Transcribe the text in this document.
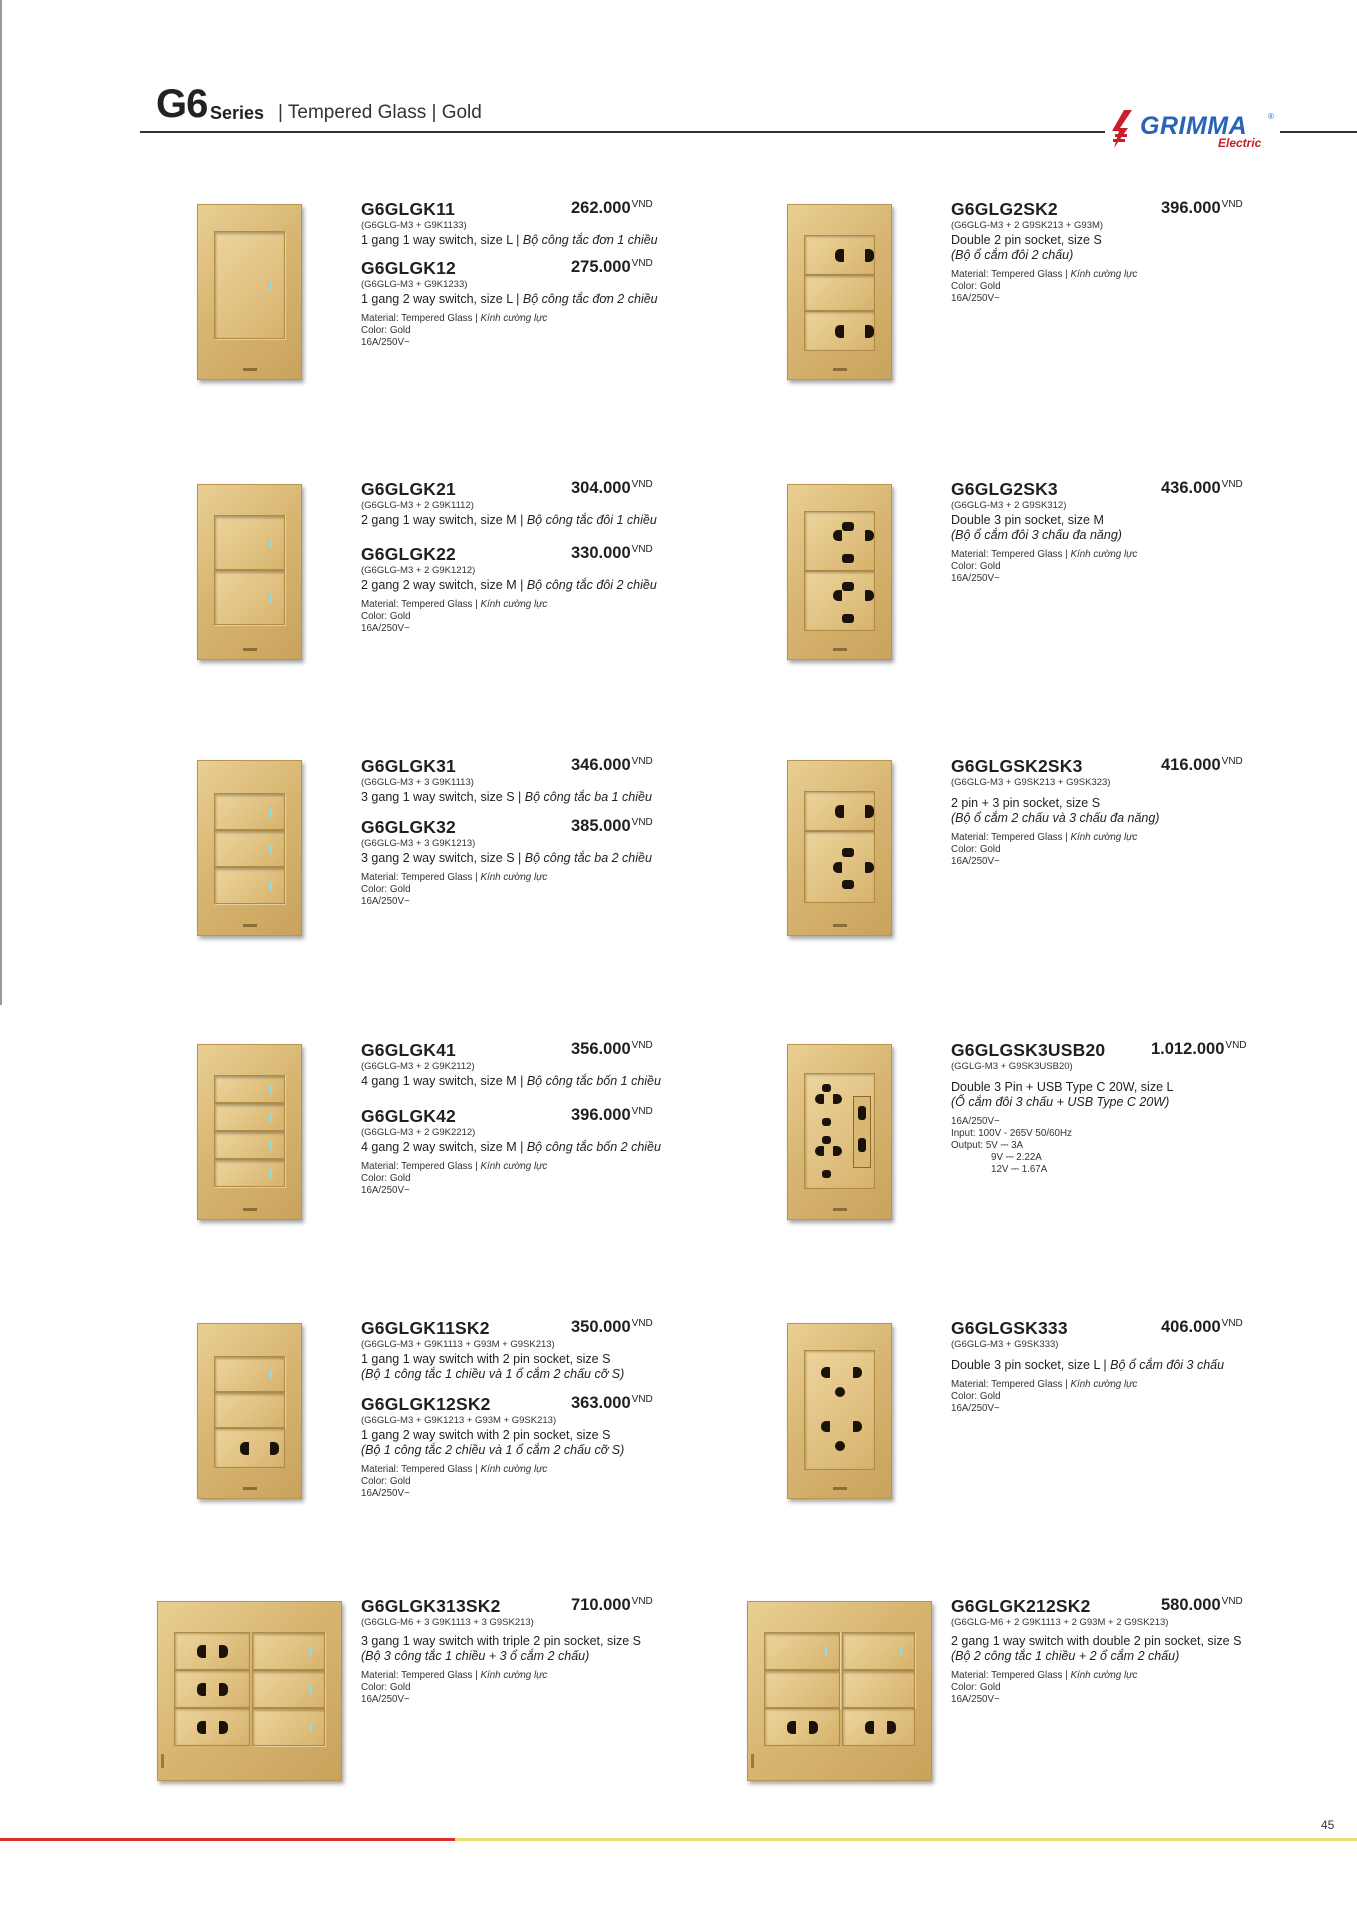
G6 Series | Tempered Glass | Gold	GRIMMA	®
Electric
G6GLGK11	$262.000^{VND}$
(G6GLG-M3 + G9K1133)
1 gang 1 way switch, size L | Bộ công tắc đơn 1 chiều
G6GLGK12	$275.000^{VND}$
(G6GLG-M3 + G9K1233)
1 gang 2 way switch, size L | Bộ công tắc đơn 2 chiều
Material: Tempered Glass | Kính cường lực
Color: Gold
16A/250V~
G6GLG2SK2	$396.000^{VND}$
(G6GLG-M3 + 2 G9SK213 + G93M)
Double 2 pin socket, size S
(Bộ ổ cắm đôi 2 chấu)
Material: Tempered Glass | Kính cường lực
Color: Gold
16A/250V~
G6GLGK21	$304.000^{VND}$
(G6GLG-M3 + 2 G9K1112)
2 gang 1 way switch, size M | Bộ công tắc đôi 1 chiều
G6GLGK22	$330.000^{VND}$
(G6GLG-M3 + 2 G9K1212)
2 gang 2 way switch, size M | Bộ công tắc đôi 2 chiều
Material: Tempered Glass | Kính cường lực
Color: Gold
16A/250V~
G6GLG2SK3	$436.000^{VND}$
(G6GLG-M3 + 2 G9SK312)
Double 3 pin socket, size M
(Bộ ổ cắm đôi 3 chấu đa năng)
Material: Tempered Glass | Kính cường lực
Color: Gold
16A/250V~
G6GLGK31	$346.000^{VND}$
(G6GLG-M3 + 3 G9K1113)
3 gang 1 way switch, size S | Bộ công tắc ba 1 chiều
G6GLGK32	$385.000^{VND}$
(G6GLG-M3 + 3 G9K1213)
3 gang 2 way switch, size S | Bộ công tắc ba 2 chiều
Material: Tempered Glass | Kính cường lực
Color: Gold
16A/250V~
G6GLGSK2SK3	$416.000^{VND}$
(G6GLG-M3 + G9SK213 + G9SK323)
2 pin + 3 pin socket, size S
(Bộ ổ cắm 2 chấu và 3 chấu đa năng)
Material: Tempered Glass | Kính cường lực
Color: Gold
16A/250V~
G6GLGK41	$356.000^{VND}$
(G6GLG-M3 + 2 G9K2112)
4 gang 1 way switch, size M | Bộ công tắc bốn 1 chiều
G6GLGK42	$396.000^{VND}$
(G6GLG-M3 + 2 G9K2212)
4 gang 2 way switch, size M | Bộ công tắc bốn 2 chiều
Material: Tempered Glass | Kính cường lực
Color: Gold
16A/250V~
G6GLGSK3USB20	$1.012.000^{VND}$
(GGLG-M3 + G9SK3USB20)
Double 3 Pin + USB Type C 20W, size L
(Ổ cắm đôi 3 chấu + USB Type C 20W)
16A/250V~
Input: 100V - 265V 50/60Hz
Output: 5V ⎓ 3A
9V ⎓ 2.22A
12V ⎓ 1.67A
G6GLGK11SK2	$350.000^{VND}$
(G6GLG-M3 + G9K1113 + G93M + G9SK213)
1 gang 1 way switch with 2 pin socket, size S
(Bộ 1 công tắc 1 chiều và 1 ổ cắm 2 chấu cỡ S)
G6GLGK12SK2	$363.000^{VND}$
(G6GLG-M3 + G9K1213 + G93M + G9SK213)
1 gang 2 way switch with 2 pin socket, size S
(Bộ 1 công tắc 2 chiều và 1 ổ cắm 2 chấu cỡ S)
Material: Tempered Glass | Kính cường lực
Color: Gold
16A/250V~
G6GLGSK333	$406.000^{VND}$
(G6GLG-M3 + G9SK333)
Double 3 pin socket, size L | Bộ ổ cắm đôi 3 chấu
Material: Tempered Glass | Kính cường lực
Color: Gold
16A/250V~
G6GLGK313SK2	$710.000^{VND}$
(G6GLG-M6 + 3 G9K1113 + 3 G9SK213)
3 gang 1 way switch with triple 2 pin socket, size S
(Bộ 3 công tắc 1 chiều + 3 ổ cắm 2 chấu)
Material: Tempered Glass | Kính cường lực
Color: Gold
16A/250V~
G6GLGK212SK2	$580.000^{VND}$
(G6GLG-M6 + 2 G9K1113 + 2 G93M + 2 G9SK213)
2 gang 1 way switch with double 2 pin socket, size S
(Bộ 2 công tắc 1 chiều + 2 ổ cắm 2 chấu)
Material: Tempered Glass | Kính cường lực
Color: Gold
16A/250V~
45
